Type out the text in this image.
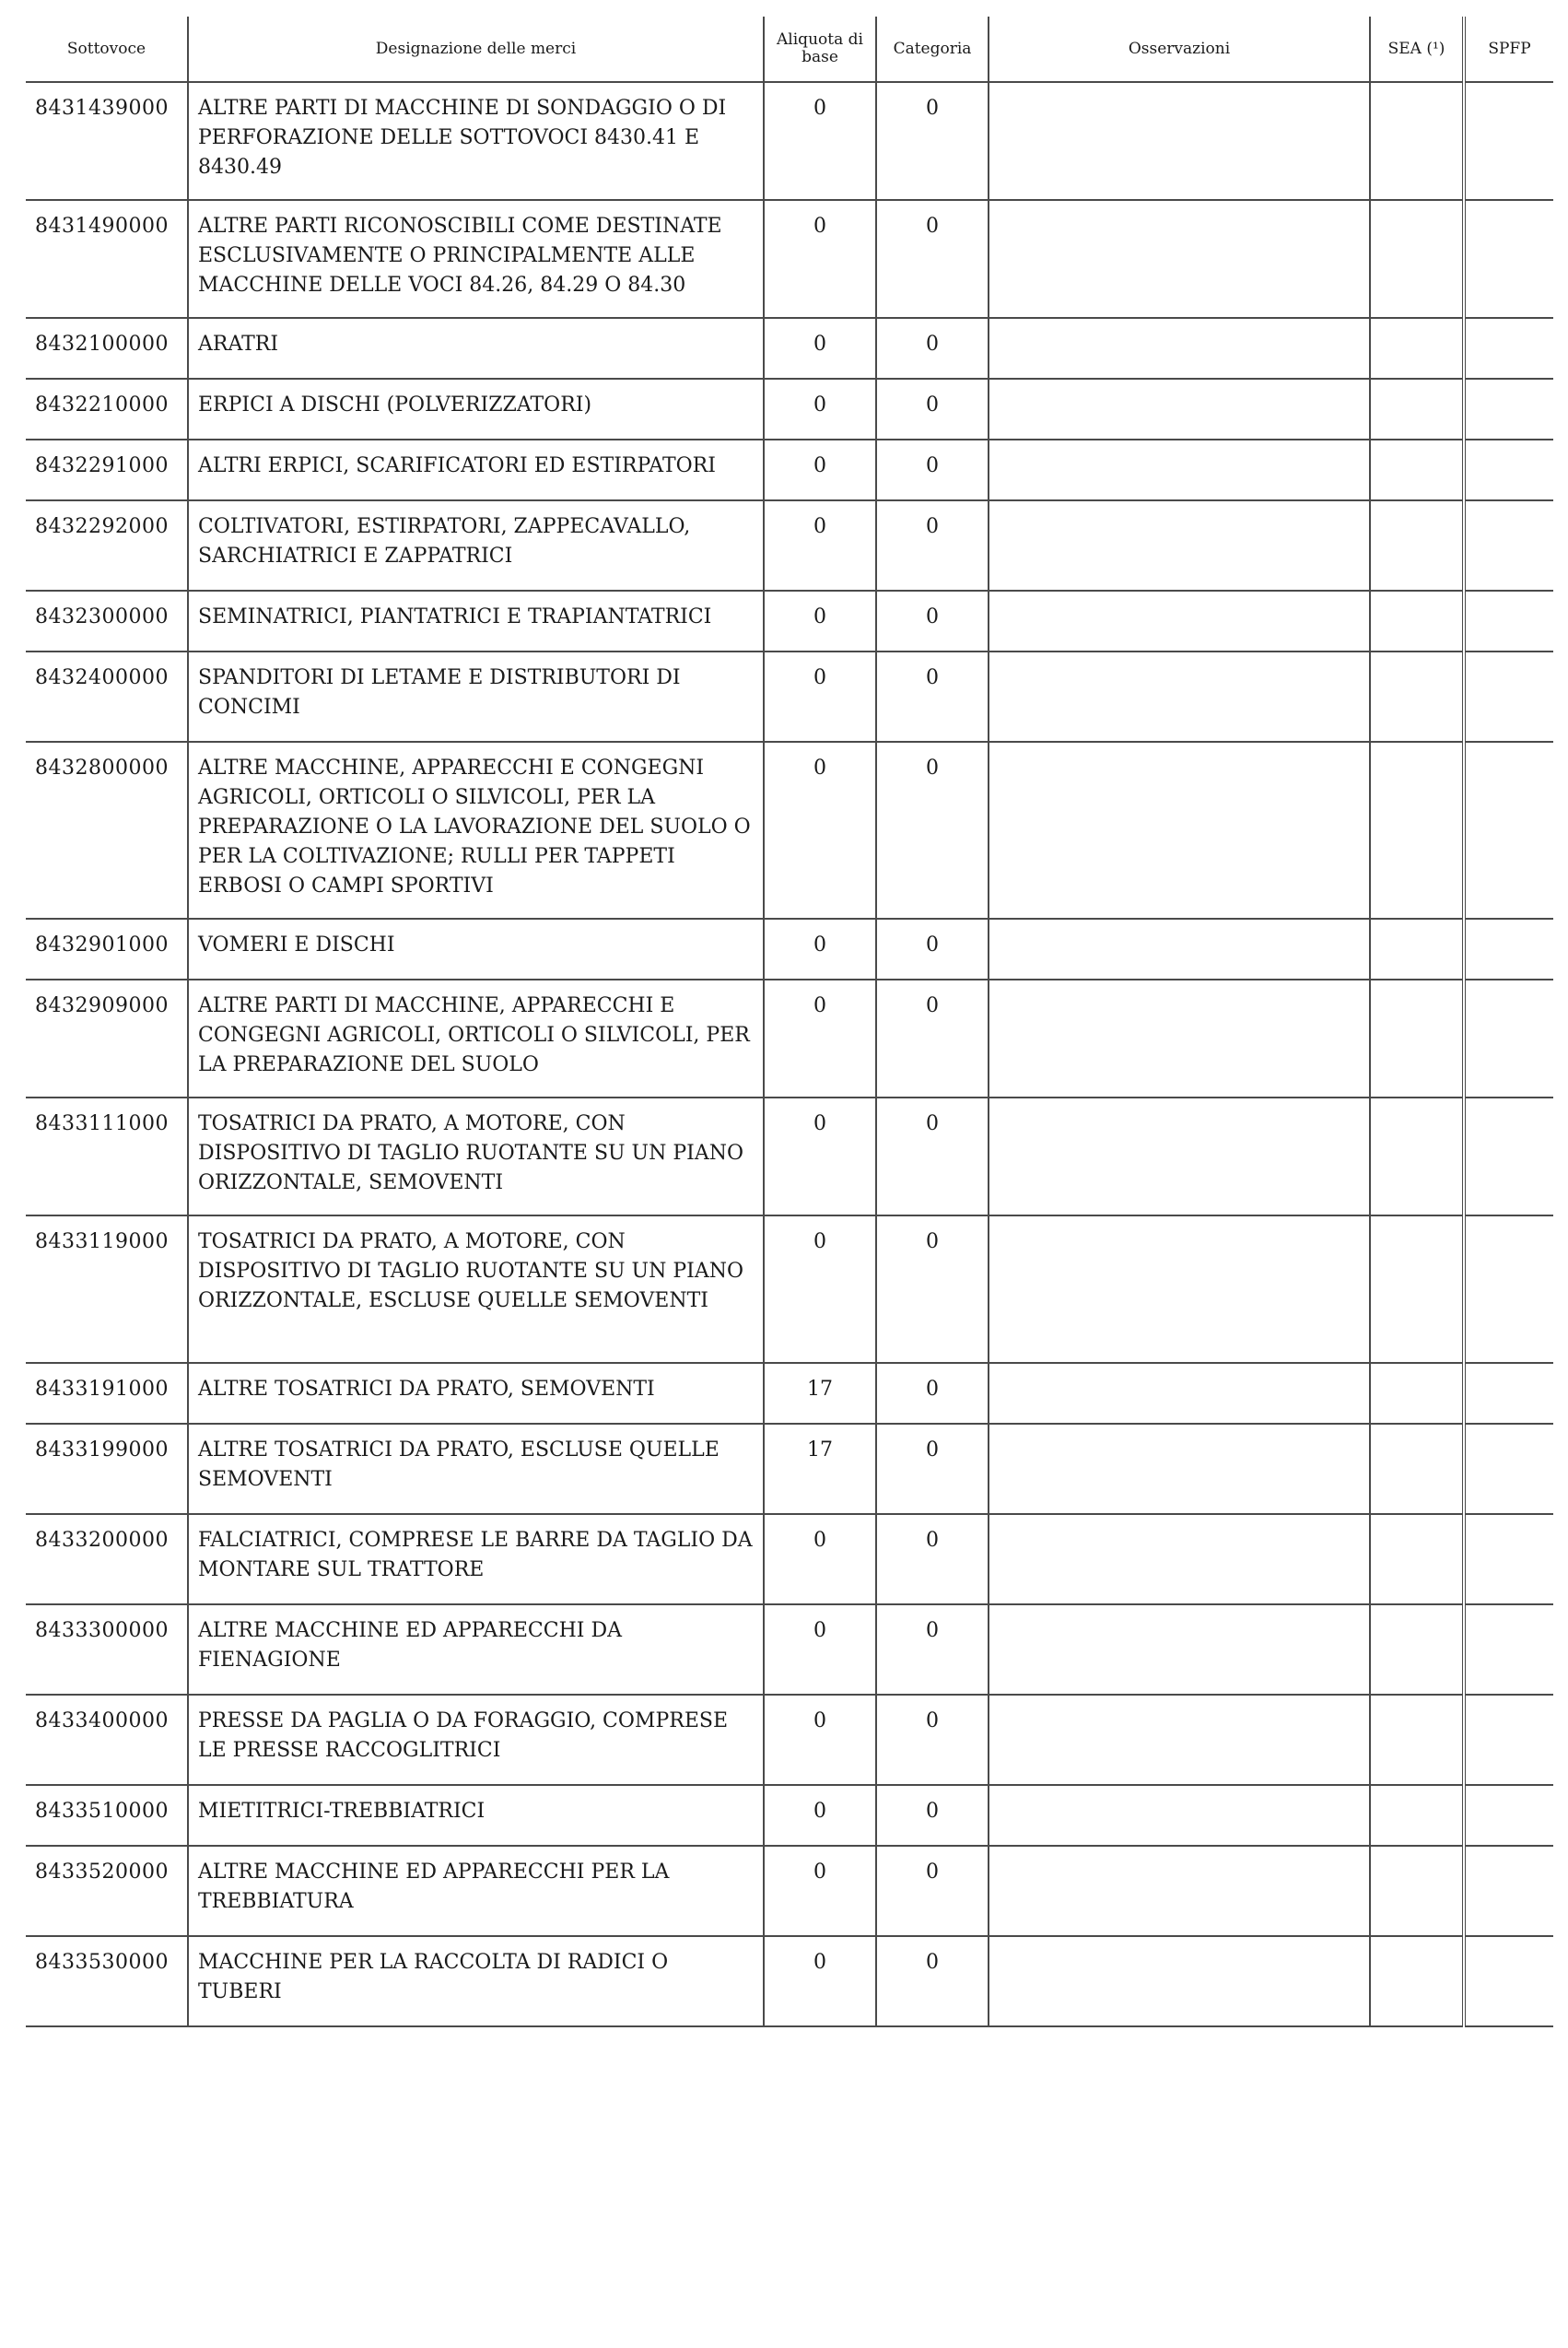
Sottovoce	Designazione delle merci	Aliquota di base	Categoria	Osservazioni	SEA (¹)	SPFP
8431439000	ALTRE PARTI DI MACCHINE DI SONDAGGIO O DI PERFORAZIONE DELLE SOTTOVOCI 8430.41 E 8430.49	0	0			
8431490000	ALTRE PARTI RICONOSCIBILI COME DESTINATE ESCLUSIVAMENTE O PRINCIPALMENTE ALLE MACCHINE DELLE VOCI 84.26, 84.29 O 84.30	0	0			
8432100000	ARATRI	0	0			
8432210000	ERPICI A DISCHI (POLVERIZZATORI)	0	0			
8432291000	ALTRI ERPICI, SCARIFICATORI ED ESTIRPATORI	0	0			
8432292000	COLTIVATORI, ESTIRPATORI, ZAPPECAVALLO, SARCHIATRICI E ZAPPATRICI	0	0			
8432300000	SEMINATRICI, PIANTATRICI E TRAPIANTATRICI	0	0			
8432400000	SPANDITORI DI LETAME E DISTRIBUTORI DI CONCIMI	0	0			
8432800000	ALTRE MACCHINE, APPARECCHI E CONGEGNI AGRICOLI, ORTICOLI O SILVICOLI, PER LA PREPARAZIONE O LA LAVORAZIONE DEL SUOLO O PER LA COLTIVAZIONE; RULLI PER TAPPETI ERBOSI O CAMPI SPORTIVI	0	0			
8432901000	VOMERI E DISCHI	0	0			
8432909000	ALTRE PARTI DI MACCHINE, APPARECCHI E CONGEGNI AGRICOLI, ORTICOLI O SILVICOLI, PER LA PREPARAZIONE DEL SUOLO	0	0			
8433111000	TOSATRICI DA PRATO, A MOTORE, CON DISPOSITIVO DI TAGLIO RUOTANTE SU UN PIANO ORIZZONTALE, SEMOVENTI	0	0			
8433119000	TOSATRICI DA PRATO, A MOTORE, CON DISPOSITIVO DI TAGLIO RUOTANTE SU UN PIANO ORIZZONTALE, ESCLUSE QUELLE SEMOVENTI	0	0			
8433191000	ALTRE TOSATRICI DA PRATO, SEMOVENTI	17	0			
8433199000	ALTRE TOSATRICI DA PRATO, ESCLUSE QUELLE SEMOVENTI	17	0			
8433200000	FALCIATRICI, COMPRESE LE BARRE DA TAGLIO DA MONTARE SUL TRATTORE	0	0			
8433300000	ALTRE MACCHINE ED APPARECCHI DA FIENAGIONE	0	0			
8433400000	PRESSE DA PAGLIA O DA FORAGGIO, COMPRESE LE PRESSE RACCOGLITRICI	0	0			
8433510000	MIETITRICI-TREBBIATRICI	0	0			
8433520000	ALTRE MACCHINE ED APPARECCHI PER LA TREBBIATURA	0	0			
8433530000	MACCHINE PER LA RACCOLTA DI RADICI O TUBERI	0	0			
